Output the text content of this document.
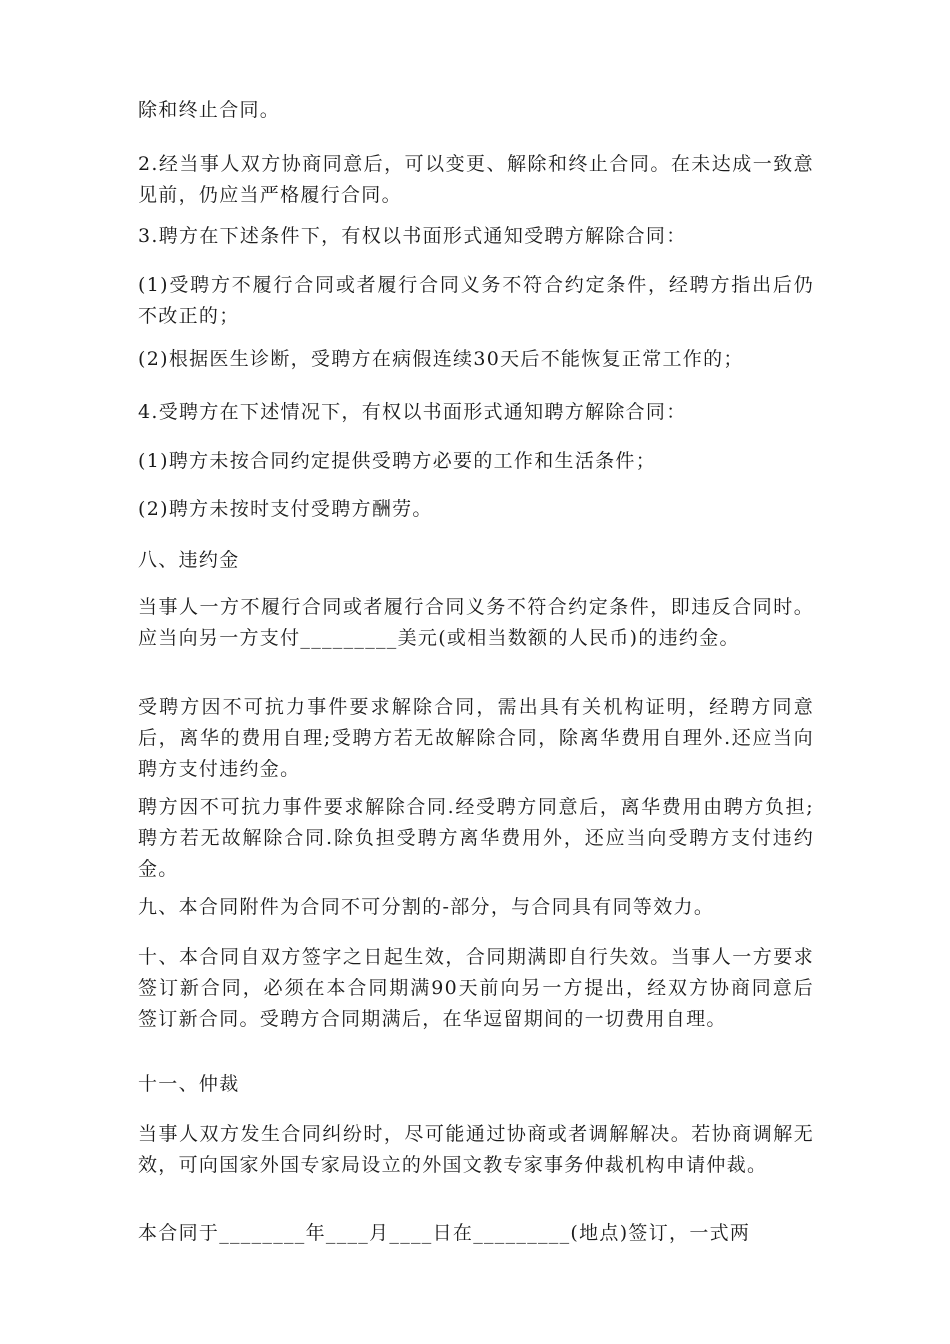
除和终止合同。

2.经当事人双方协商同意后，可以变更、解除和终止合同。在未达成一致意见前，仍应当严格履行合同。

3.聘方在下述条件下，有权以书面形式通知受聘方解除合同：

(1)受聘方不履行合同或者履行合同义务不符合约定条件，经聘方指出后仍不改正的；

(2)根据医生诊断，受聘方在病假连续30天后不能恢复正常工作的；

4.受聘方在下述情况下，有权以书面形式通知聘方解除合同：

(1)聘方未按合同约定提供受聘方必要的工作和生活条件；

(2)聘方未按时支付受聘方酬劳。

八、违约金

当事人一方不履行合同或者履行合同义务不符合约定条件，即违反合同时。应当向另一方支付_________美元(或相当数额的人民币)的违约金。

受聘方因不可抗力事件要求解除合同，需出具有关机构证明，经聘方同意后，离华的费用自理;受聘方若无故解除合同，除离华费用自理外.还应当向聘方支付违约金。

聘方因不可抗力事件要求解除合同.经受聘方同意后，离华费用由聘方负担;聘方若无故解除合同.除负担受聘方离华费用外，还应当向受聘方支付违约金。

九、本合同附件为合同不可分割的-部分，与合同具有同等效力。

十、本合同自双方签字之日起生效，合同期满即自行失效。当事人一方要求签订新合同，必须在本合同期满90天前向另一方提出，经双方协商同意后签订新合同。受聘方合同期满后，在华逗留期间的一切费用自理。

十一、仲裁

当事人双方发生合同纠纷时，尽可能通过协商或者调解解决。若协商调解无效，可向国家外国专家局设立的外国文教专家事务仲裁机构申请仲裁。

本合同于________年____月____日在_________(地点)签订，一式两
